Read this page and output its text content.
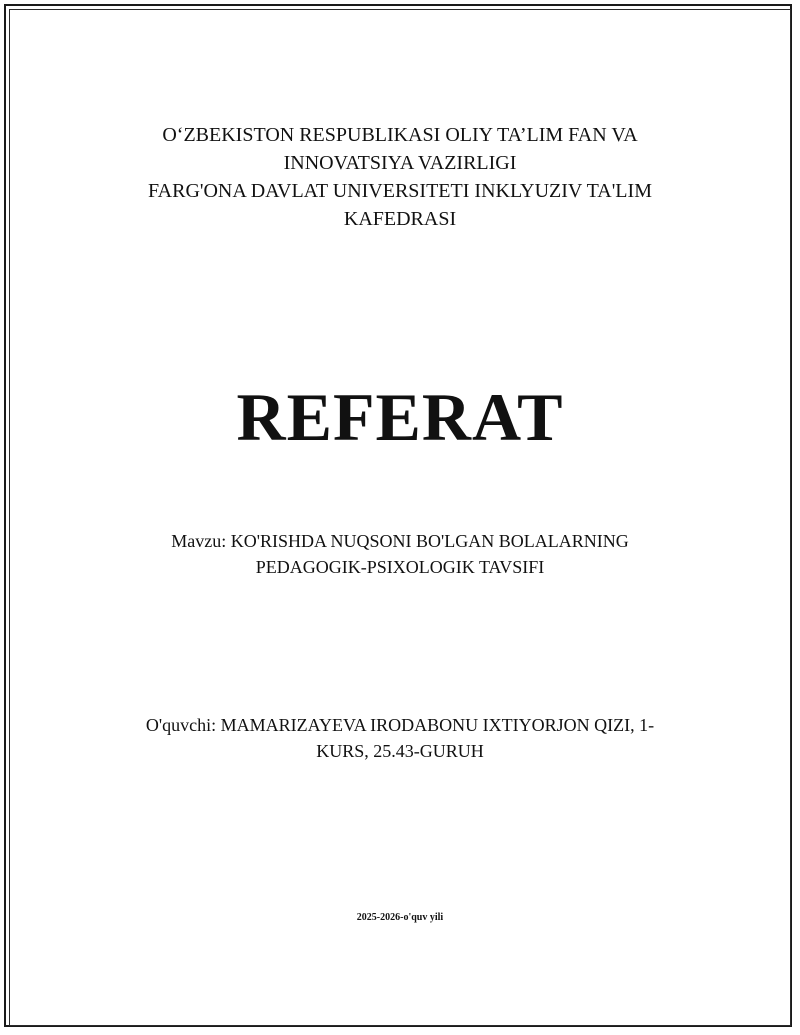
O‘ZBEKISTON RESPUBLIKASI OLIY TA’LIM FAN VA
INNOVATSIYA VAZIRLIGI
FARG'ONA DAVLAT UNIVERSITETI INKLYUZIV TA'LIM
KAFEDRASI
REFERAT
Mavzu: KO'RISHDA NUQSONI BO'LGAN BOLALARNING
PEDAGOGIK-PSIXOLOGIK TAVSIFI
O'quvchi: MAMARIZAYEVA IRODABONU IXTIYORJON QIZI, 1-
KURS, 25.43-GURUH
2025-2026-o'quv yili
